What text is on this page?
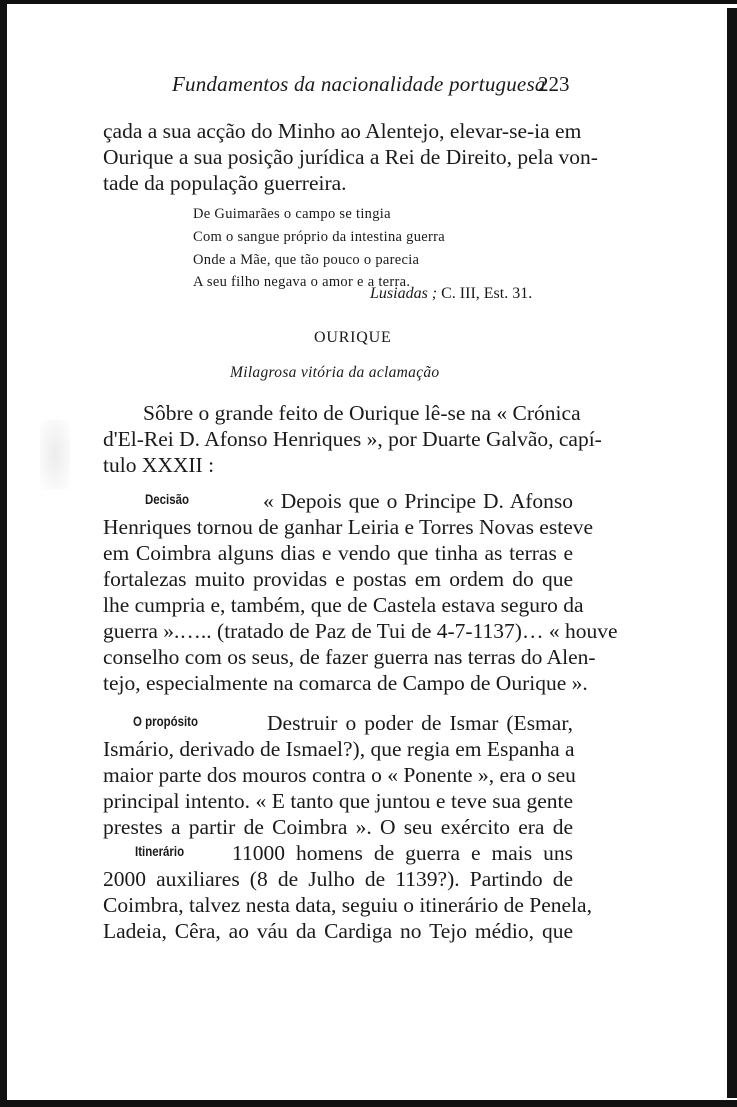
Fundamentos da nacionalidade portuguesa
223
çada a sua acção do Minho ao Alentejo, elevar-se-ia em
Ourique a sua posição jurídica a Rei de Direito, pela von-
tade da população guerreira.
De Guimarães o campo se tingia
Com o sangue próprio da intestina guerra
Onde a Mãe, que tão pouco o parecia
A seu filho negava o amor e a terra.
Lusiadas ; C. III, Est. 31.
OURIQUE
Milagrosa vitória da aclamação
Sôbre o grande feito de Ourique lê-se na « Crónica
d'El-Rei D. Afonso Henriques », por Duarte Galvão, capí-
tulo XXXII :
Decisão	« Depois que o Principe D. Afonso
Henriques tornou de ganhar Leiria e Torres Novas esteve
em Coimbra alguns dias e vendo que tinha as terras e
fortalezas muito providas e postas em ordem do que
lhe cumpria e, também, que de Castela estava seguro da
guerra ».….. (tratado de Paz de Tui de 4-7-1137)… « houve
conselho com os seus, de fazer guerra nas terras do Alen-
tejo, especialmente na comarca de Campo de Ourique ».
O propósito	Destruir o poder de Ismar (Esmar,
Ismário, derivado de Ismael?), que regia em Espanha a
maior parte dos mouros contra o « Ponente », era o seu
principal intento. « E tanto que juntou e teve sua gente
prestes a partir de Coimbra ». O seu exército era de
Itinerário 11000 homens de guerra e mais uns
2000 auxiliares (8 de Julho de 1139?). Partindo de
Coimbra, talvez nesta data, seguiu o itinerário de Penela,
Ladeia, Cêra, ao váu da Cardiga no Tejo médio, que
